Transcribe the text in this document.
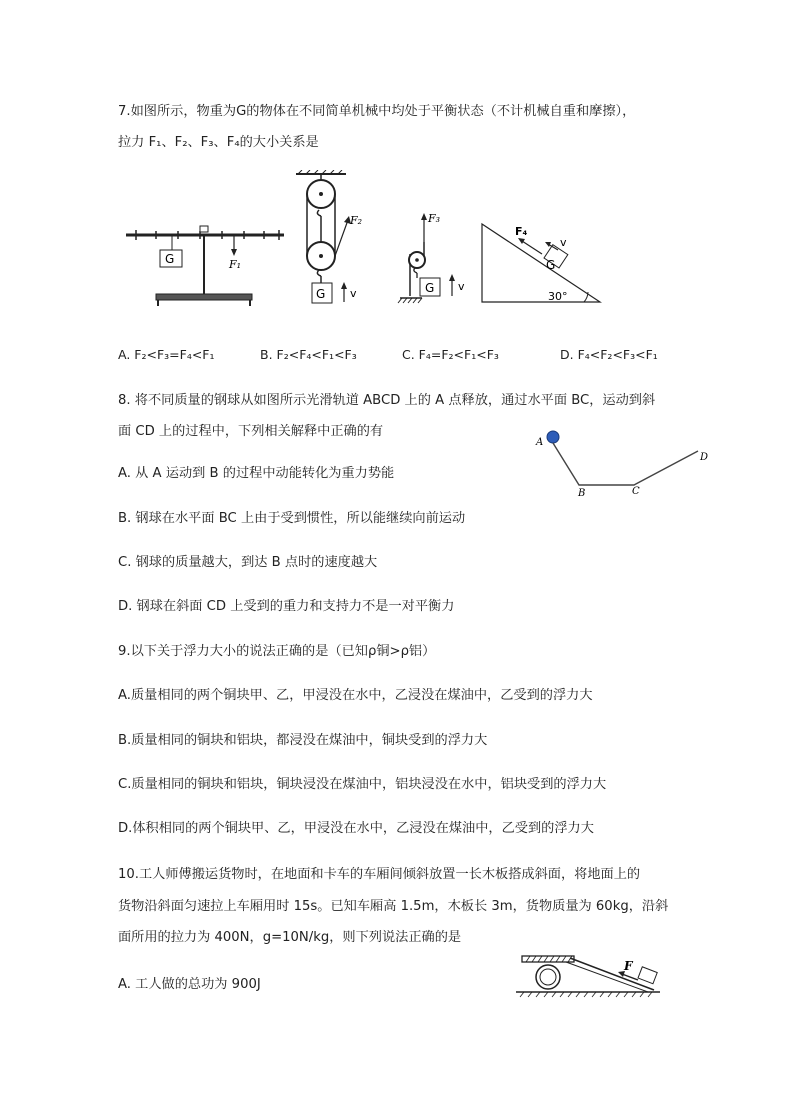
7.如图所示，物重为G的物体在不同简单机械中均处于平衡状态（不计机械自重和摩擦），
拉力 F₁、F₂、F₃、F₄的大小关系是
G	F₁
G
F₂
v
F₃
G v
30°
G
F₄
v
A. F₂<F₃=F₄<F₁	B. F₂<F₄<F₁<F₃	C. F₄=F₂<F₁<F₃	D. F₄<F₂<F₃<F₁
8. 将不同质量的钢球从如图所示光滑轨道 ABCD 上的 A 点释放，通过水平面 BC，运动到斜
面 CD 上的过程中，下列相关解释中正确的有
A
B	C
D
A. 从 A 运动到 B 的过程中动能转化为重力势能
B. 钢球在水平面 BC 上由于受到惯性，所以能继续向前运动
C. 钢球的质量越大，到达 B 点时的速度越大
D. 钢球在斜面 CD 上受到的重力和支持力不是一对平衡力
9.以下关于浮力大小的说法正确的是（已知ρ铜>ρ铝）
A.质量相同的两个铜块甲、乙，甲浸没在水中，乙浸没在煤油中，乙受到的浮力大
B.质量相同的铜块和铝块，都浸没在煤油中，铜块受到的浮力大
C.质量相同的铜块和铝块，铜块浸没在煤油中，铝块浸没在水中，铝块受到的浮力大
D.体积相同的两个铜块甲、乙，甲浸没在水中，乙浸没在煤油中，乙受到的浮力大
10.工人师傅搬运货物时，在地面和卡车的车厢间倾斜放置一长木板搭成斜面，将地面上的
货物沿斜面匀速拉上车厢用时 15s。已知车厢高 1.5m，木板长 3m，货物质量为 60kg，沿斜
面所用的拉力为 400N，g=10N/kg，则下列说法正确的是
F
A. 工人做的总功为 900J
